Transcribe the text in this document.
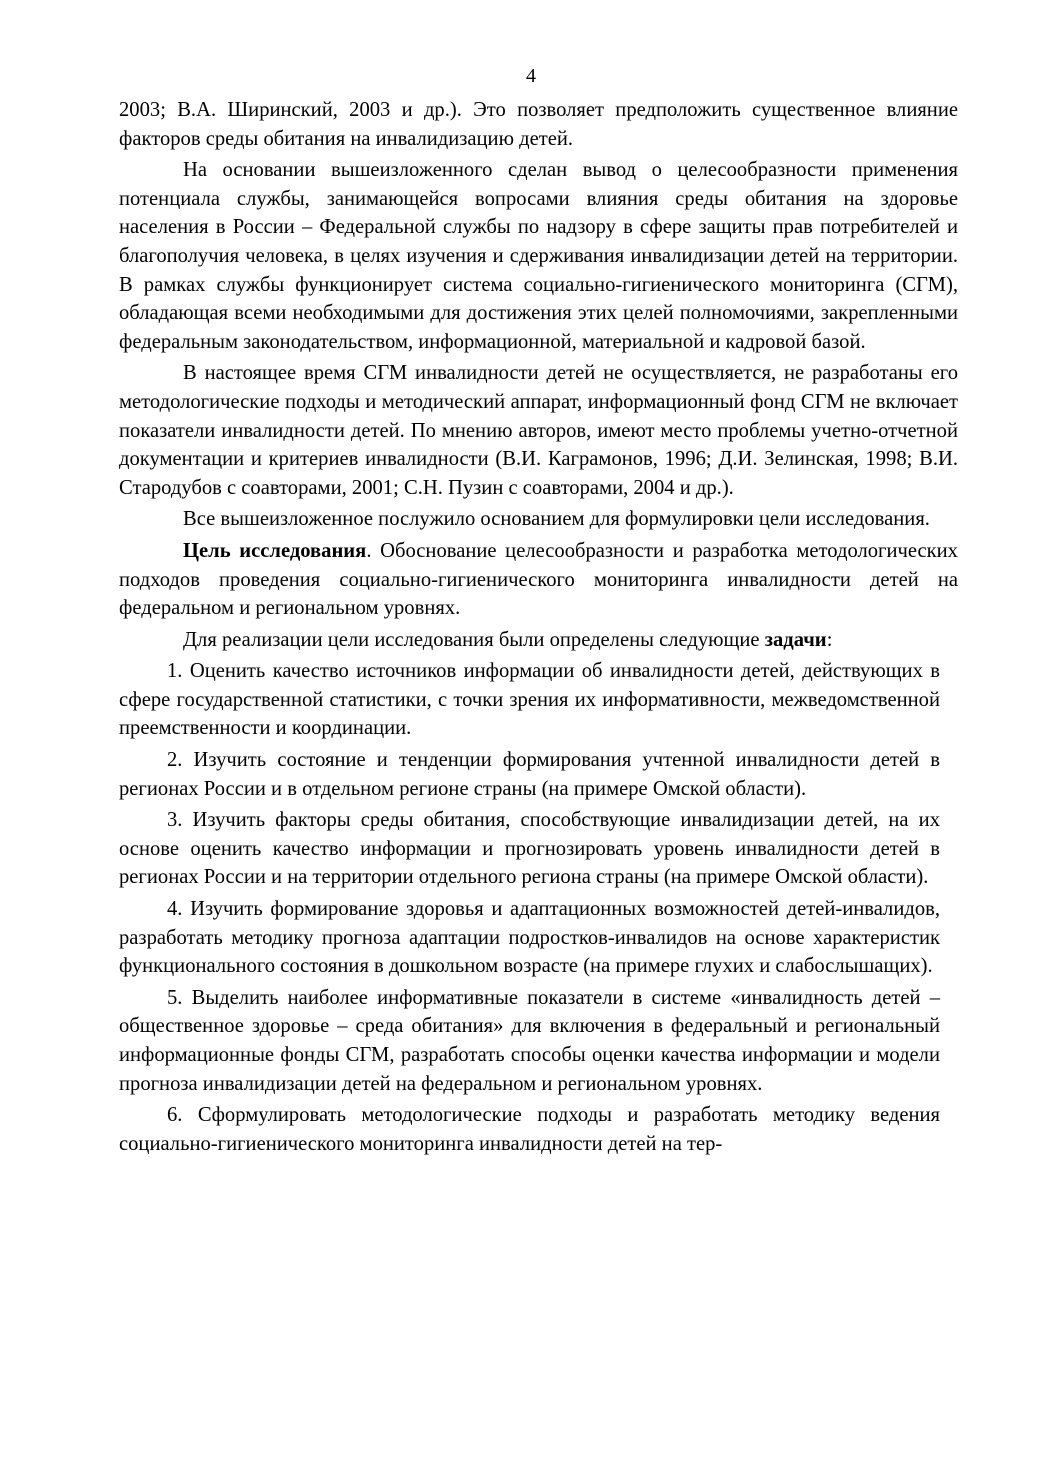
4

2003; В.А. Ширинский, 2003 и др.). Это позволяет предположить существенное влияние факторов среды обитания на инвалидизацию детей.

На основании вышеизложенного сделан вывод о целесообразности применения потенциала службы, занимающейся вопросами влияния среды обитания на здоровье населения в России – Федеральной службы по надзору в сфере защиты прав потребителей и благополучия человека, в целях изучения и сдерживания инвалидизации детей на территории. В рамках службы функционирует система социально-гигиенического мониторинга (СГМ), обладающая всеми необходимыми для достижения этих целей полномочиями, закрепленными федеральным законодательством, информационной, материальной и кадровой базой.

В настоящее время СГМ инвалидности детей не осуществляется, не разработаны его методологические подходы и методический аппарат, информационный фонд СГМ не включает показатели инвалидности детей. По мнению авторов, имеют место проблемы учетно-отчетной документации и критериев инвалидности (В.И. Каграмонов, 1996; Д.И. Зелинская, 1998; В.И. Стародубов с соавторами, 2001; С.Н. Пузин с соавторами, 2004 и др.).

Все вышеизложенное послужило основанием для формулировки цели исследования.

Цель исследования. Обоснование целесообразности и разработка методологических подходов проведения социально-гигиенического мониторинга инвалидности детей на федеральном и региональном уровнях.

Для реализации цели исследования были определены следующие задачи:

1. Оценить качество источников информации об инвалидности детей, действующих в сфере государственной статистики, с точки зрения их информативности, межведомственной преемственности и координации.

2. Изучить состояние и тенденции формирования учтенной инвалидности детей в регионах России и в отдельном регионе страны (на примере Омской области).

3. Изучить факторы среды обитания, способствующие инвалидизации детей, на их основе оценить качество информации и прогнозировать уровень инвалидности детей в регионах России и на территории отдельного региона страны (на примере Омской области).

4. Изучить формирование здоровья и адаптационных возможностей детей-инвалидов, разработать методику прогноза адаптации подростков-инвалидов на основе характеристик функционального состояния в дошкольном возрасте (на примере глухих и слабослышащих).

5. Выделить наиболее информативные показатели в системе «инвалидность детей – общественное здоровье – среда обитания» для включения в федеральный и региональный информационные фонды СГМ, разработать способы оценки качества информации и модели прогноза инвалидизации детей на федеральном и региональном уровнях.

6. Сформулировать методологические подходы и разработать методику ведения социально-гигиенического мониторинга инвалидности детей на тер-
